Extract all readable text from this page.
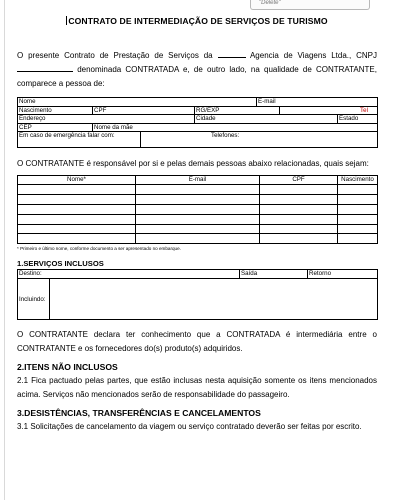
"Delete"
CONTRATO DE INTERMEDIAÇÃO DE SERVIÇOS DE TURISMO

O presente Contrato de Prestação de Serviços da	Agencia de Viagens Ltda., CNPJ  denominada CONTRATADA e, de outro lado, na qualidade de CONTRATANTE, comparece a pessoa de:

Nome				E-mail		
Nascimento	CPF		RG/EXP		Tel	
Endereço			Cidade			Estado
CEP	Nome da mãe					
Em caso de emergência falar com:		Telefones:				

O CONTRATANTE é responsável por si e pelas demais pessoas abaixo relacionadas, quais sejam:

Nome*	E-mail	CPF	Nascimento

* Primeiro e último nome, conforme documento a ser apresentado no embarque.
1.SERVIÇOS INCLUSOS
Destino:		Saída	Retorno
Incluindo:			

O CONTRATANTE declara ter conhecimento que a CONTRATADA é intermediária entre o CONTRATANTE e os fornecedores do(s) produto(s) adquiridos.

2.ITENS NÃO INCLUSOS

2.1 Fica pactuado pelas partes, que estão inclusas nesta aquisição somente os itens mencionados acima. Serviços não mencionados serão de responsabilidade do passageiro.

3.DESISTÊNCIAS, TRANSFERÊNCIAS E CANCELAMENTOS

3.1 Solicitações de cancelamento da viagem ou serviço contratado deverão ser feitas por escrito.
